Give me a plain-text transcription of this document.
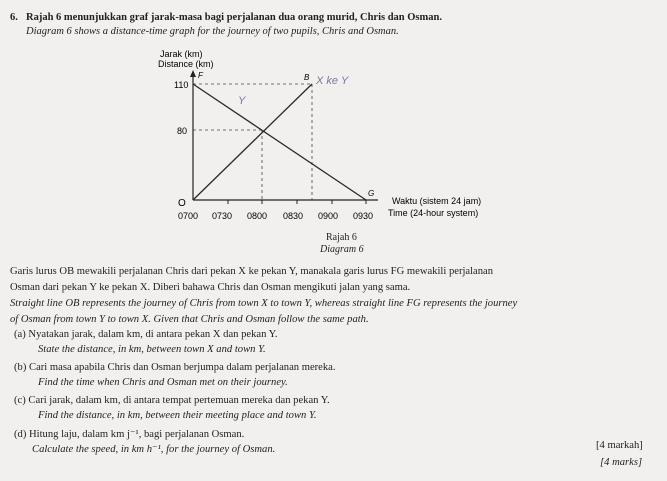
6. Rajah 6 menunjukkan graf jarak-masa bagi perjalanan dua orang murid, Chris dan Osman.
Diagram 6 shows a distance-time graph for the journey of two pupils, Chris and Osman.
Jarak (km)
Distance (km)
110
80
O
0700 0730 0800 0830 0900 0930
F	B
G
X ke Y
Y
Waktu (sistem 24 jam)
Time (24-hour system)
Rajah 6
Diagram 6
Garis lurus OB mewakili perjalanan Chris dari pekan X ke pekan Y, manakala garis lurus FG mewakili perjalanan
Osman dari pekan Y ke pekan X. Diberi bahawa Chris dan Osman mengikuti jalan yang sama.
Straight line OB represents the journey of Chris from town X to town Y, whereas straight line FG represents the journey
of Osman from town Y to town X. Given that Chris and Osman follow the same path.
(a) Nyatakan jarak, dalam km, di antara pekan X dan pekan Y.
State the distance, in km, between town X and town Y.
(b) Cari masa apabila Chris dan Osman berjumpa dalam perjalanan mereka.
Find the time when Chris and Osman met on their journey.
(c) Cari jarak, dalam km, di antara tempat pertemuan mereka dan pekan Y.
Find the distance, in km, between their meeting place and town Y.
(d) Hitung laju, dalam km j⁻¹, bagi perjalanan Osman.
Calculate the speed, in km h⁻¹, for the journey of Osman.	[4 markah]
[4 marks]
